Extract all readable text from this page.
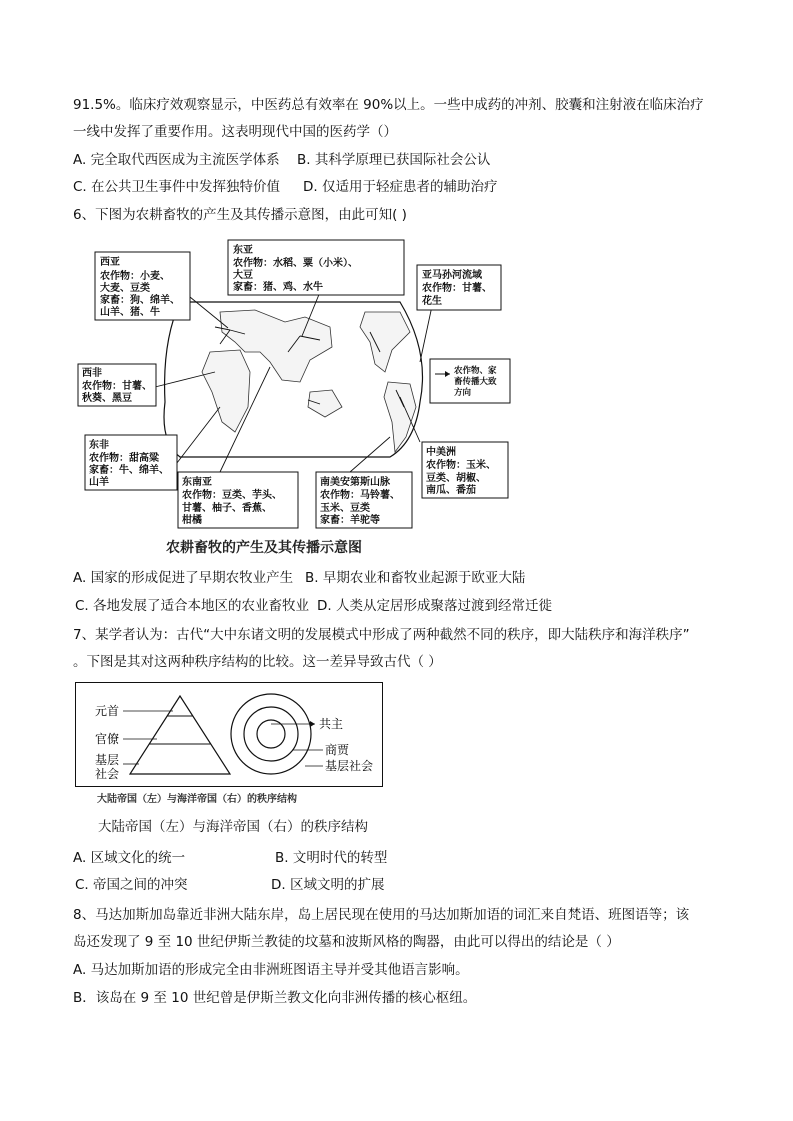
91.5%。临床疗效观察显示，中医药总有效率在 90%以上。一些中成药的冲剂、胶囊和注射液在临床治疗
一线中发挥了重要作用。这表明现代中国的医药学（）
A. 完全取代西医成为主流医学体系 B. 其科学原理已获国际社会公认
C. 在公共卫生事件中发挥独特价值 D. 仅适用于轻症患者的辅助治疗
6、下图为农耕畜牧的产生及其传播示意图，由此可知( )
西亚
农作物：小麦、
大麦、豆类
家畜：狗、绵羊、
山羊、猪、牛
东亚
农作物：水稻、粟（小米）、
大豆
家畜：猪、鸡、水牛
亚马孙河流域
农作物：甘薯、
花生
农作物、家
畜传播大致
方向
西非
农作物：甘薯、
秋葵、黑豆
东非
农作物：甜高粱
家畜：牛、绵羊、
山羊	东南亚
农作物：豆类、芋头、
甘薯、柚子、香蕉、
柑橘
南美安第斯山脉
农作物：马铃薯、
玉米、豆类
家畜：羊驼等
中美洲
农作物：玉米、
豆类、胡椒、
南瓜、番茄
农耕畜牧的产生及其传播示意图
A. 国家的形成促进了早期农牧业产生 B. 早期农业和畜牧业起源于欧亚大陆
C. 各地发展了适合本地区的农业畜牧业 D. 人类从定居形成聚落过渡到经常迁徙
7、某学者认为：古代“大中东诸文明的发展模式中形成了两种截然不同的秩序，即大陆秩序和海洋秩序”
。下图是其对这两种秩序结构的比较。这一差异导致古代（ ）
元首
官僚
基层
社会
共主
商贾
基层社会
大陆帝国（左）与海洋帝国（右）的秩序结构
大陆帝国（左）与海洋帝国（右）的秩序结构
A. 区域文化的统一	B. 文明时代的转型
C. 帝国之间的冲突	D. 区域文明的扩展
8、马达加斯加岛靠近非洲大陆东岸，岛上居民现在使用的马达加斯加语的词汇来自梵语、班图语等；该
岛还发现了 9 至 10 世纪伊斯兰教徒的坟墓和波斯风格的陶器，由此可以得出的结论是（ ）
A. 马达加斯加语的形成完全由非洲班图语主导并受其他语言影响。
B．该岛在 9 至 10 世纪曾是伊斯兰教文化向非洲传播的核心枢纽。
